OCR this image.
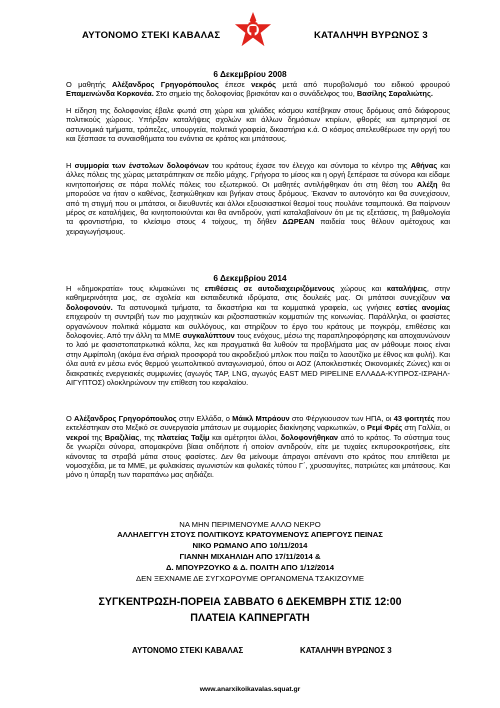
ΑΥΤΟΝΟΜΟ ΣΤΕΚΙ ΚΑΒΑΛΑΣ	ΚΑΤΑΛΗΨΗ ΒΥΡΩΝΟΣ 3
6 Δεκεμβρίου 2008

Ο μαθητής Αλέξανδρος Γρηγορόπουλος έπεσε νεκρός μετά από πυροβολισμό του ειδικού φρουρού Επαμεινώνδα Κορκονέα. Στο σημείο της δολοφονίας βρισκόταν και ο συνάδελφος του, Βασίλης Σαραλιώτης.

Η είδηση της δολοφονίας έβαλε φωτιά στη χώρα και χιλιάδες κόσμου κατέβηκαν στους δρόμους από διάφορους πολιτικούς χώρους. Υπήρξαν καταλήψεις σχολών και άλλων δημόσιων κτιρίων, φθορές και εμπρησμοί σε αστυνομικά τμήματα, τράπεζες, υπουργεία, πολιτικά γραφεία, δικαστήρια κ.ά. Ο κόσμος απελευθέρωσε την οργή του και ξέσπασε τα συναισθήματα του ενάντια σε κράτος και μπάτσους.

Η συμμορία των ένστολων δολοφόνων του κράτους έχασε τον έλεγχο και σύντομα το κέντρο της Αθήνας και άλλες πόλεις της χώρας μετατράπηκαν σε πεδίο μάχης. Γρήγορα το μίσος και η οργή ξεπέρασε τα σύνορα και είδαμε κινητοποιήσεις σε πάρα πολλές πόλεις του εξωτερικού. Οι μαθητές αντιλήφθηκαν ότι στη θέση του Αλέξη θα μπορούσε να ήταν ο καθένας, ξεσηκώθηκαν και βγήκαν στους δρόμους. Έκαναν το αυτονόητο και θα συνεχίσουν, από τη στιγμή που οι μπάτσοι, οι διευθυντές και άλλοι εξουσιαστικοί θεσμοί τους πουλάνε τσαμπουκά. Θα παίρνουν μέρος σε καταλήψεις, θα κινητοποιούνται και θα αντιδρούν, γιατί καταλαβαίνουν ότι με τις εξετάσεις, τη βαθμολογία τα φροντιστήρια, το κλείσιμο στους 4 τοίχους, τη δήθεν ΔΩΡΕΑΝ παιδεία τους θέλουν αμέτοχους και χειραγωγήσιμους.

6 Δεκεμβρίου 2014

Η «δημοκρατία» τους κλιμακώνει τις επιθέσεις σε αυτοδιαχειριζόμενους χώρους και καταλήψεις, στην καθημερινότητα μας, σε σχολεία και εκπαιδευτικά ιδρύματα, στις δουλειές μας. Οι μπάτσοι συνεχίζουν να δολοφονούν. Τα αστυνομικά τμήματα, τα δικαστήρια και τα κομματικά γραφεία, ως γνήσιες εστίες ανομίας επιχειρούν τη συντριβή των πιο μαχητικών και ριζοσπαστικών κομματιών της κοινωνίας. Παράλληλα, οι φασίστες οργανώνουν πολιτικά κόμματα και συλλόγους, και στηρίζουν το έργο του κράτους με πογκρόμ, επιθέσεις και δολοφονίες. Από την άλλη τα ΜΜΕ συγκαλύπτουν τους ενόχους, μέσω της παραπληροφόρησης και αποχαυνώνουν το λαό με φασιστοπατριωτικά κόλπα, λες και πραγματικά θα λυθούν τα προβλήματα μας αν μάθουμε ποιος είναι στην Αμφίπολη (ακόμα ένα σήριαλ προσφορά του ακροδεξιού μπλοκ που παίζει το λαουτζίκο με έθνος και φυλή). Και όλα αυτά εν μέσω ενός θερμού γεωπολιτικού ανταγωνισμού, όπου οι ΑΟΖ (Αποκλειστικές Οικονομικές Ζώνες) και οι διακρατικές ενεργειακές συμφωνίες (αγωγός TAP, LNG, αγωγός EAST MED PIPELINE ΕΛΛΑΔΑ-ΚΥΠΡΟΣ-ΙΣΡΑΗΛ-ΑΙΓΥΠΤΟΣ) ολοκληρώνουν την επίθεση του κεφαλαίου.

Ο Αλέξανδρος Γρηγορόπουλος στην Ελλάδα, ο Μάικλ Μπράουν στο Φέργκιουσον των ΗΠΑ, οι 43 φοιτητές που εκτελέστηκαν στο Μεξικό σε συνεργασία μπάτσων με συμμορίες διακίνησης ναρκωτικών, ο Ρεμί Φρές στη Γαλλία, οι νεκροί της Βραζιλίας, της πλατείας Ταξίμ και αμέτρητοι άλλοι, δολοφονήθηκαν από το κράτος. Το σύστημα τους δε γνωρίζει σύνορα, απομακρύνει βίαια οτιδήποτε ή οποίον αντιδρούν, είτε με τυχαίες εκπυρσοκροτήσεις, είτε κάνοντας τα στραβά μάτια στους φασίστες. Δεν θα μείνουμε άπραγοι απέναντι στο κράτος που επιτίθεται με νομοσχέδια, με τα ΜΜΕ, με φυλακίσεις αγωνιστών και φυλακές τύπου Γ΄, χρυσαυγίτες, πατριώτες και μπάτσους. Και μόνο η ύπαρξη των παραπάνω μας αηδιάζει.

ΝΑ ΜΗΝ ΠΕΡΙΜΕΝΟΥΜΕ ΑΛΛΟ ΝΕΚΡΟ
ΑΛΛΗΛΕΓΓΥΗ ΣΤΟΥΣ ΠΟΛΙΤΙΚΟΥΣ ΚΡΑΤΟΥΜΕΝΟΥΣ ΑΠΕΡΓΟΥΣ ΠΕΙΝΑΣ
ΝΙΚΟ ΡΩΜΑΝΟ ΑΠΟ 10/11/2014
ΓΙΑΝΝΗ ΜΙΧΑΗΛΙΔΗ ΑΠΟ 17/11/2014 &
Δ. ΜΠΟΥΡΖΟΥΚΟ & Δ. ΠΟΛΙΤΗ ΑΠΟ 1/12/2014
ΔΕΝ ΞΕΧΝΑΜΕ ΔΕ ΣΥΓΧΩΡΟΥΜΕ ΟΡΓΑΝΩΜΕΝΑ ΤΣΑΚΙΖΟΥΜΕ
ΣΥΓΚΕΝΤΡΩΣΗ-ΠΟΡΕΙΑ ΣΑΒΒΑΤΟ 6 ΔΕΚΕΜΒΡΗ ΣΤΙΣ 12:00
ΠΛΑΤΕΙΑ ΚΑΠΝΕΡΓΑΤΗ
ΑΥΤΟΝΟΜΟ ΣΤΕΚΙ ΚΑΒΑΛΑΣ	ΚΑΤΑΛΗΨΗ ΒΥΡΩΝΟΣ 3
www.anarxikoikavalas.squat.gr
